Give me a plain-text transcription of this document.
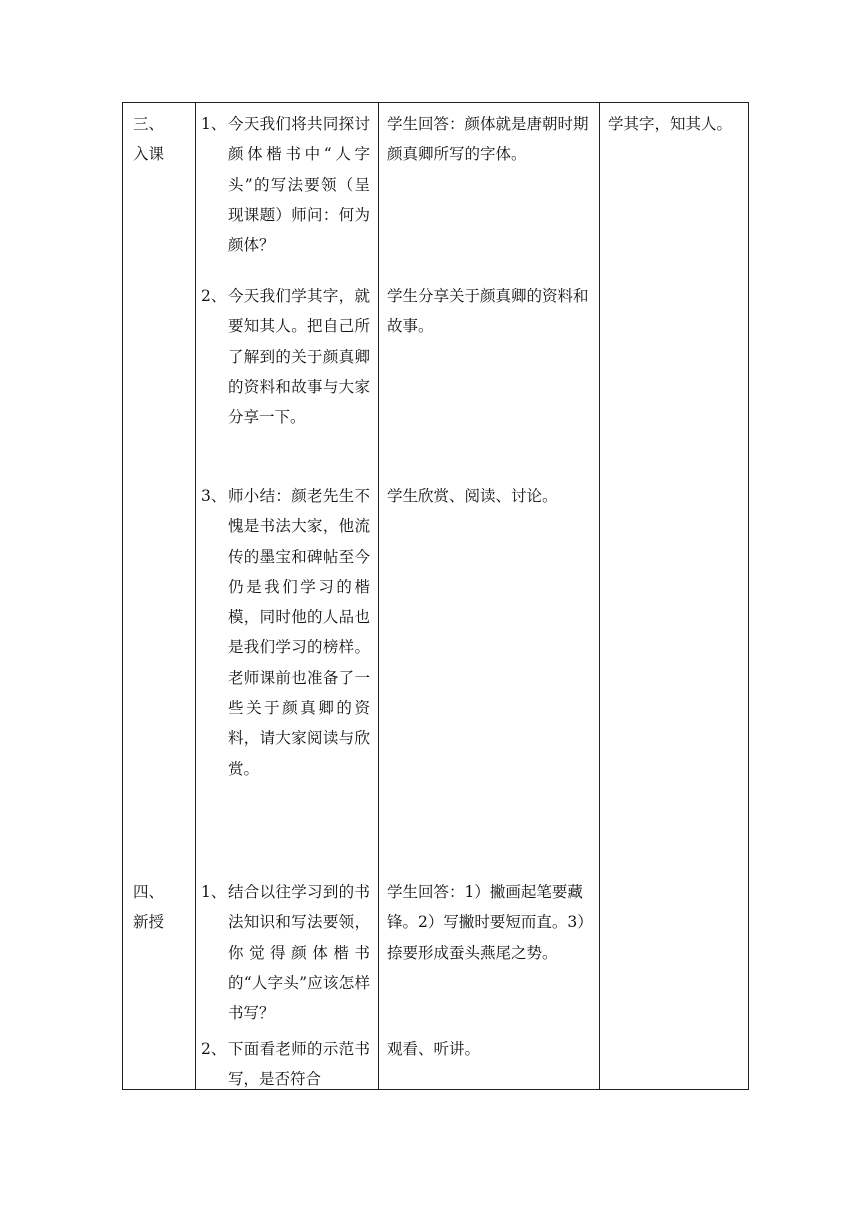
三、
入课

1、 今天我们将共同探讨颜体楷书中“人字头”的写法要领（呈现课题）师问：何为颜体？
2、 今天我们学其字，就要知其人。把自己所了解到的关于颜真卿的资料和故事与大家分享一下。
3、 师小结：颜老先生不愧是书法大家，他流传的墨宝和碑帖至今仍是我们学习的楷模，同时他的人品也是我们学习的榜样。老师课前也准备了一些关于颜真卿的资料，请大家阅读与欣赏。

学生回答：颜体就是唐朝时期颜真卿所写的字体。

学生分享关于颜真卿的资料和故事。

学生欣赏、阅读、讨论。

学其字，知其人。

四、
新授

1、 结合以往学习到的书法知识和写法要领，你觉得颜体楷书的“人字头”应该怎样书写？
2、 下面看老师的示范书写，是否符合

学生回答：1）撇画起笔要藏锋。2）写撇时要短而直。3）捺要形成蚕头燕尾之势。

观看、听讲。
